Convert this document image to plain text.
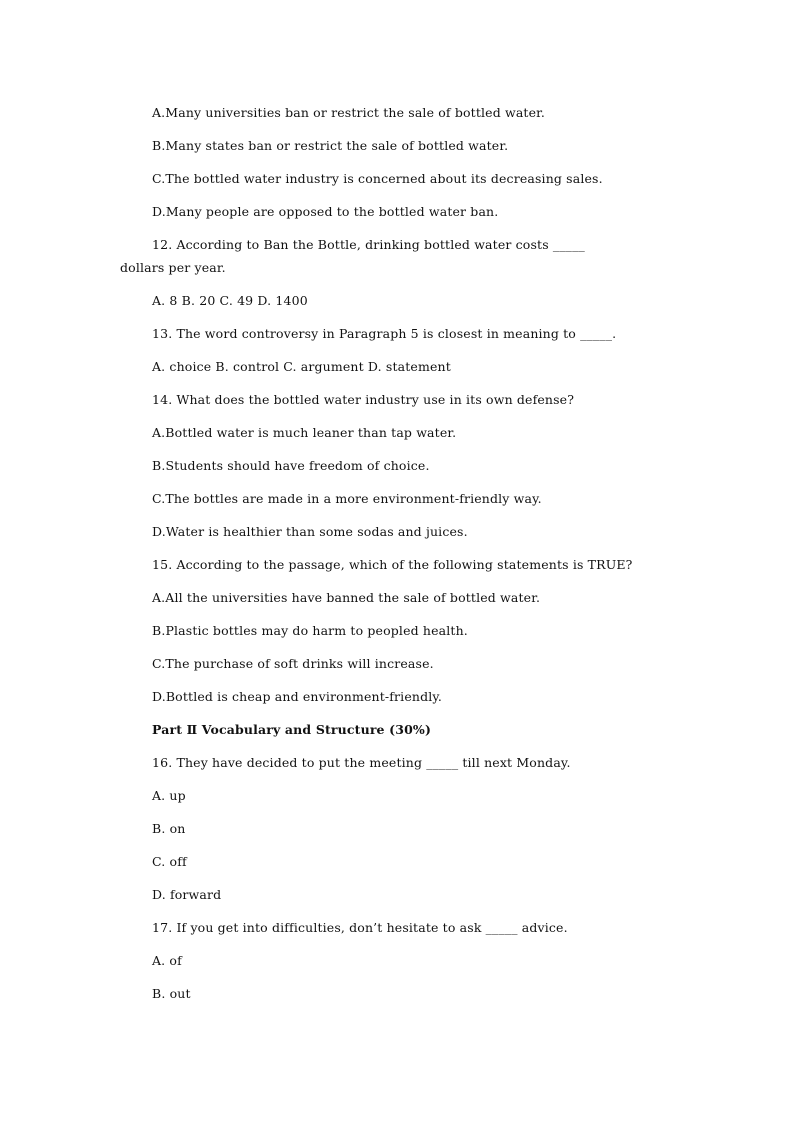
A.Many universities ban or restrict the sale of bottled water.
B.Many states ban or restrict the sale of bottled water.
C.The bottled water industry is concerned about its decreasing sales.
D.Many people are opposed to the bottled water ban.
12. According to Ban the Bottle, drinking bottled water costs _____
dollars per year.
A. 8 B. 20 C. 49 D. 1400
13. The word controversy in Paragraph 5 is closest in meaning to _____.
A. choice B. control C. argument D. statement
14. What does the bottled water industry use in its own defense?
A.Bottled water is much leaner than tap water.
B.Students should have freedom of choice.
C.The bottles are made in a more environment-friendly way.
D.Water is healthier than some sodas and juices.
15. According to the passage, which of the following statements is TRUE?
A.All the universities have banned the sale of bottled water.
B.Plastic bottles may do harm to peopled health.
C.The purchase of soft drinks will increase.
D.Bottled is cheap and environment-friendly.
Part Ⅱ Vocabulary and Structure (30%)
16. They have decided to put the meeting _____ till next Monday.
A. up
B. on
C. off
D. forward
17. If you get into difficulties, don’t hesitate to ask _____ advice.
A. of
B. out
